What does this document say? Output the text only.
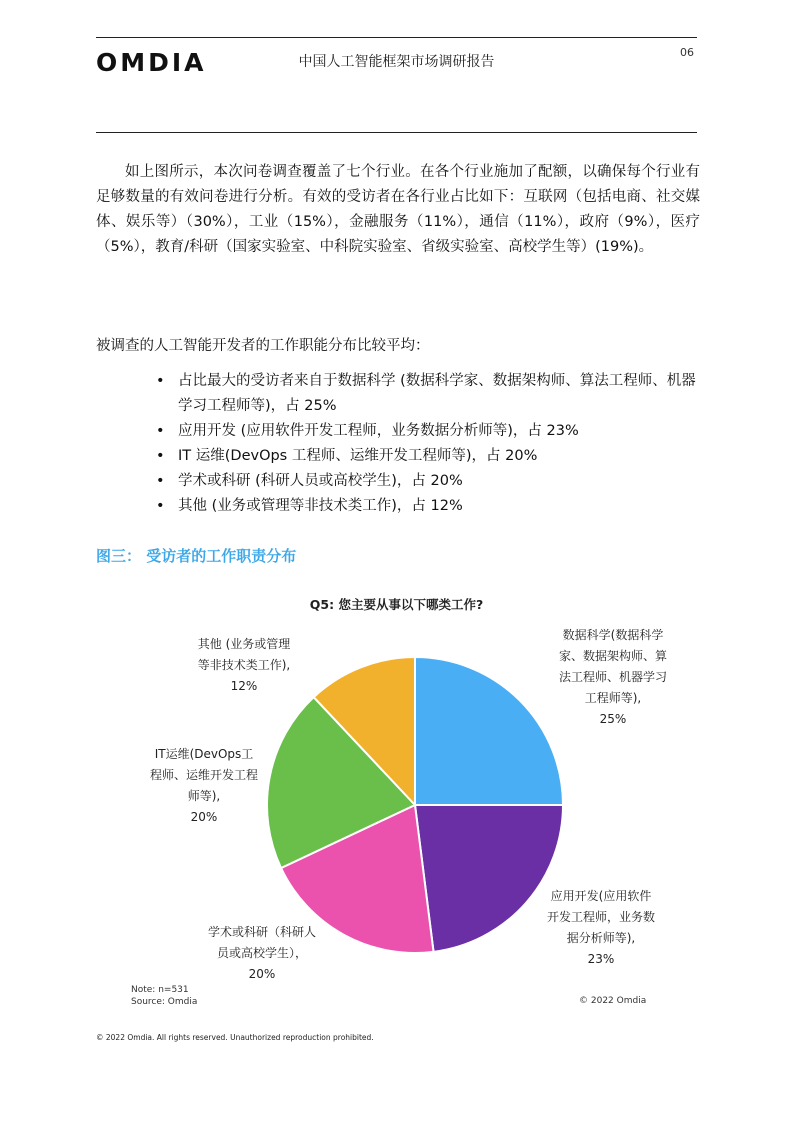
OMDIA	中国人工智能框架市场调研报告
06

如上图所示，本次问卷调查覆盖了七个行业。在各个行业施加了配额，以确保每个行业有足够数量的有效问卷进行分析。有效的受访者在各行业占比如下：互联网（包括电商、社交媒体、娱乐等）（30%），工业（15%），金融服务（11%），通信（11%），政府（9%），医疗（5%），教育/科研（国家实验室、中科院实验室、省级实验室、高校学生等）(19%)。

被调查的人工智能开发者的工作职能分布比较平均：
• 占比最大的受访者来自于数据科学 (数据科学家、数据架构师、算法工程师、机器学习工程师等)，占 25%
• 应用开发 (应用软件开发工程师，业务数据分析师等)，占 23%
• IT 运维(DevOps 工程师、运维开发工程师等)，占 20%
• 学术或科研 (科研人员或高校学生)，占 20%
• 其他 (业务或管理等非技术类工作)，占 12%
图三： 受访者的工作职责分布
Q5: 您主要从事以下哪类工作?
数据科学(数据科学家、数据架构师、算法工程师、机器学习工程师等),
25%
应用开发(应用软件开发工程师，业务数据分析师等),
23%
学术或科研（科研人员或高校学生），
20%
IT运维(DevOps工程师、运维开发工程师等),
20%
其他 (业务或管理等非技术类工作),
12%
Note: n=531
Source: Omdia	© 2022 Omdia
© 2022 Omdia. All rights reserved. Unauthorized reproduction prohibited.
